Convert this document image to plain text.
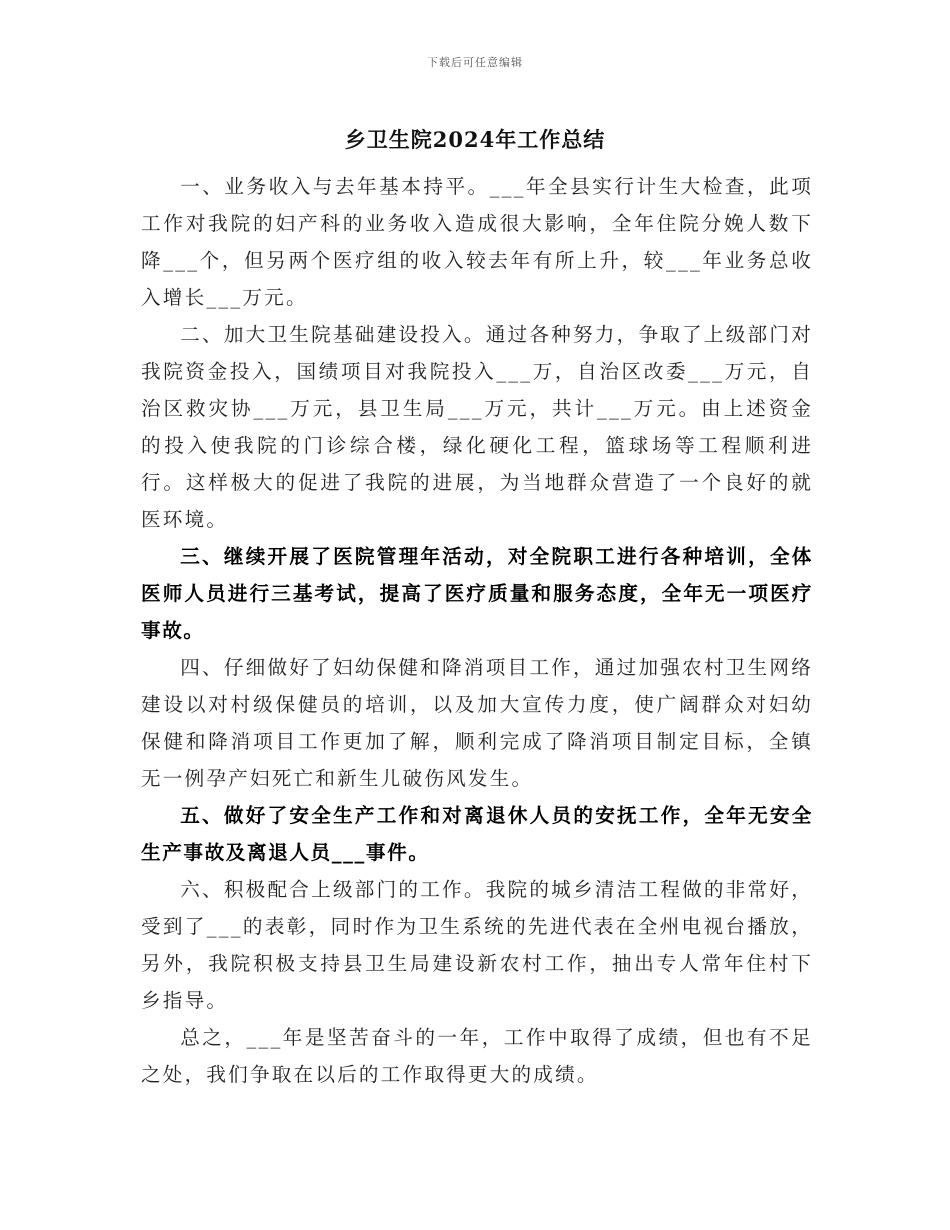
下载后可任意编辑
乡卫生院2024年工作总结

一、业务收入与去年基本持平。___年全县实行计生大检查，此项工作对我院的妇产科的业务收入造成很大影响，全年住院分娩人数下降___个，但另两个医疗组的收入较去年有所上升，较___年业务总收入增长___万元。

二、加大卫生院基础建设投入。通过各种努力，争取了上级部门对我院资金投入，国绩项目对我院投入___万，自治区改委___万元，自治区救灾协___万元，县卫生局___万元，共计___万元。由上述资金的投入使我院的门诊综合楼，绿化硬化工程，篮球场等工程顺利进行。这样极大的促进了我院的进展，为当地群众营造了一个良好的就医环境。

三、继续开展了医院管理年活动，对全院职工进行各种培训，全体医师人员进行三基考试，提高了医疗质量和服务态度，全年无一项医疗事故。

四、仔细做好了妇幼保健和降消项目工作，通过加强农村卫生网络建设以对村级保健员的培训，以及加大宣传力度，使广阔群众对妇幼保健和降消项目工作更加了解，顺利完成了降消项目制定目标，全镇无一例孕产妇死亡和新生儿破伤风发生。

五、做好了安全生产工作和对离退休人员的安抚工作，全年无安全生产事故及离退人员___事件。

六、积极配合上级部门的工作。我院的城乡清洁工程做的非常好，受到了___的表彰，同时作为卫生系统的先进代表在全州电视台播放，另外，我院积极支持县卫生局建设新农村工作，抽出专人常年住村下乡指导。

总之，___年是坚苦奋斗的一年，工作中取得了成绩，但也有不足之处，我们争取在以后的工作取得更大的成绩。
